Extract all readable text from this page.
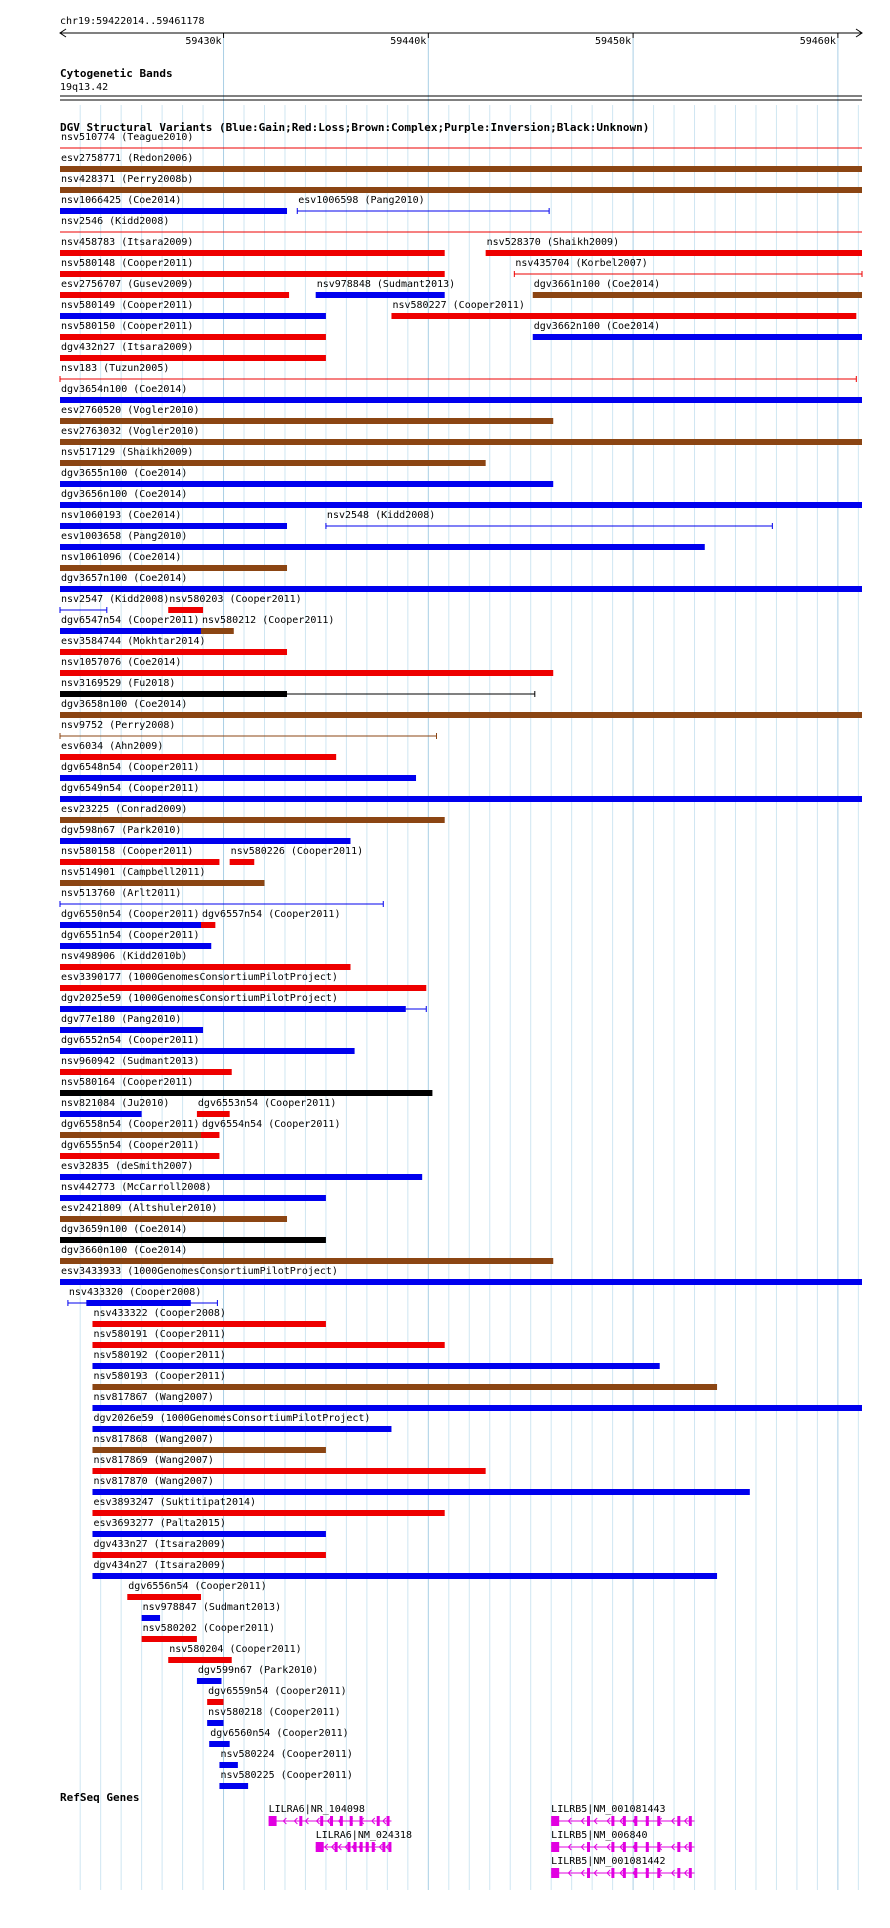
chr19:59422014..59461178
59430k	59440k	59450k	59460k
Cytogenetic Bands
19q13.42
DGV Structural Variants (Blue:Gain;Red:Loss;Brown:Complex;Purple:Inversion;Black:Unknown)
nsv510774 (Teague2010)
esv2758771 (Redon2006)
nsv428371 (Perry2008b)
nsv1066425 (Coe2014)	esv1006598 (Pang2010)
nsv2546 (Kidd2008)
nsv458783 (Itsara2009)	nsv528370 (Shaikh2009)
nsv580148 (Cooper2011)	nsv435704 (Korbel2007)
esv2756707 (Gusev2009)	nsv978848 (Sudmant2013)	dgv3661n100 (Coe2014)
nsv580149 (Cooper2011)	nsv580227 (Cooper2011)
nsv580150 (Cooper2011)	dgv3662n100 (Coe2014)
dgv432n27 (Itsara2009)
nsv183 (Tuzun2005)
dgv3654n100 (Coe2014)
esv2760520 (Vogler2010)
esv2763032 (Vogler2010)
nsv517129 (Shaikh2009)
dgv3655n100 (Coe2014)
dgv3656n100 (Coe2014)
nsv1060193 (Coe2014)	nsv2548 (Kidd2008)
esv1003658 (Pang2010)
nsv1061096 (Coe2014)
dgv3657n100 (Coe2014)
nsv2547 (Kidd2008) nsv580203 (Cooper2011)
dgv6547n54 (Cooper2011) nsv580212 (Cooper2011)
esv3584744 (Mokhtar2014)
nsv1057076 (Coe2014)
nsv3169529 (Fu2018)
dgv3658n100 (Coe2014)
nsv9752 (Perry2008)
esv6034 (Ahn2009)
dgv6548n54 (Cooper2011)
dgv6549n54 (Cooper2011)
esv23225 (Conrad2009)
dgv598n67 (Park2010)
nsv580158 (Cooper2011)	nsv580226 (Cooper2011)
nsv514901 (Campbell2011)
nsv513760 (Arlt2011)
dgv6550n54 (Cooper2011) dgv6557n54 (Cooper2011)
dgv6551n54 (Cooper2011)
nsv498906 (Kidd2010b)
esv3390177 (1000GenomesConsortiumPilotProject)
dgv2025e59 (1000GenomesConsortiumPilotProject)
dgv77e180 (Pang2010)
dgv6552n54 (Cooper2011)
nsv960942 (Sudmant2013)
nsv580164 (Cooper2011)
nsv821084 (Ju2010)	dgv6553n54 (Cooper2011)
dgv6558n54 (Cooper2011) dgv6554n54 (Cooper2011)
dgv6555n54 (Cooper2011)
esv32835 (deSmith2007)
nsv442773 (McCarroll2008)
esv2421809 (Altshuler2010)
dgv3659n100 (Coe2014)
dgv3660n100 (Coe2014)
esv3433933 (1000GenomesConsortiumPilotProject)
nsv433320 (Cooper2008)
nsv433322 (Cooper2008)
nsv580191 (Cooper2011)
nsv580192 (Cooper2011)
nsv580193 (Cooper2011)
nsv817867 (Wang2007)
dgv2026e59 (1000GenomesConsortiumPilotProject)
nsv817868 (Wang2007)
nsv817869 (Wang2007)
nsv817870 (Wang2007)
esv3893247 (Suktitipat2014)
esv3693277 (Palta2015)
dgv433n27 (Itsara2009)
dgv434n27 (Itsara2009)
dgv6556n54 (Cooper2011)
nsv978847 (Sudmant2013)
nsv580202 (Cooper2011)
nsv580204 (Cooper2011)
dgv599n67 (Park2010)
dgv6559n54 (Cooper2011)
nsv580218 (Cooper2011)
dgv6560n54 (Cooper2011)
nsv580224 (Cooper2011)
nsv580225 (Cooper2011)
RefSeq Genes
LILRA6|NR_104098
LILRA6|NM_024318
LILRB5|NM_001081443
LILRB5|NM_006840
LILRB5|NM_001081442
